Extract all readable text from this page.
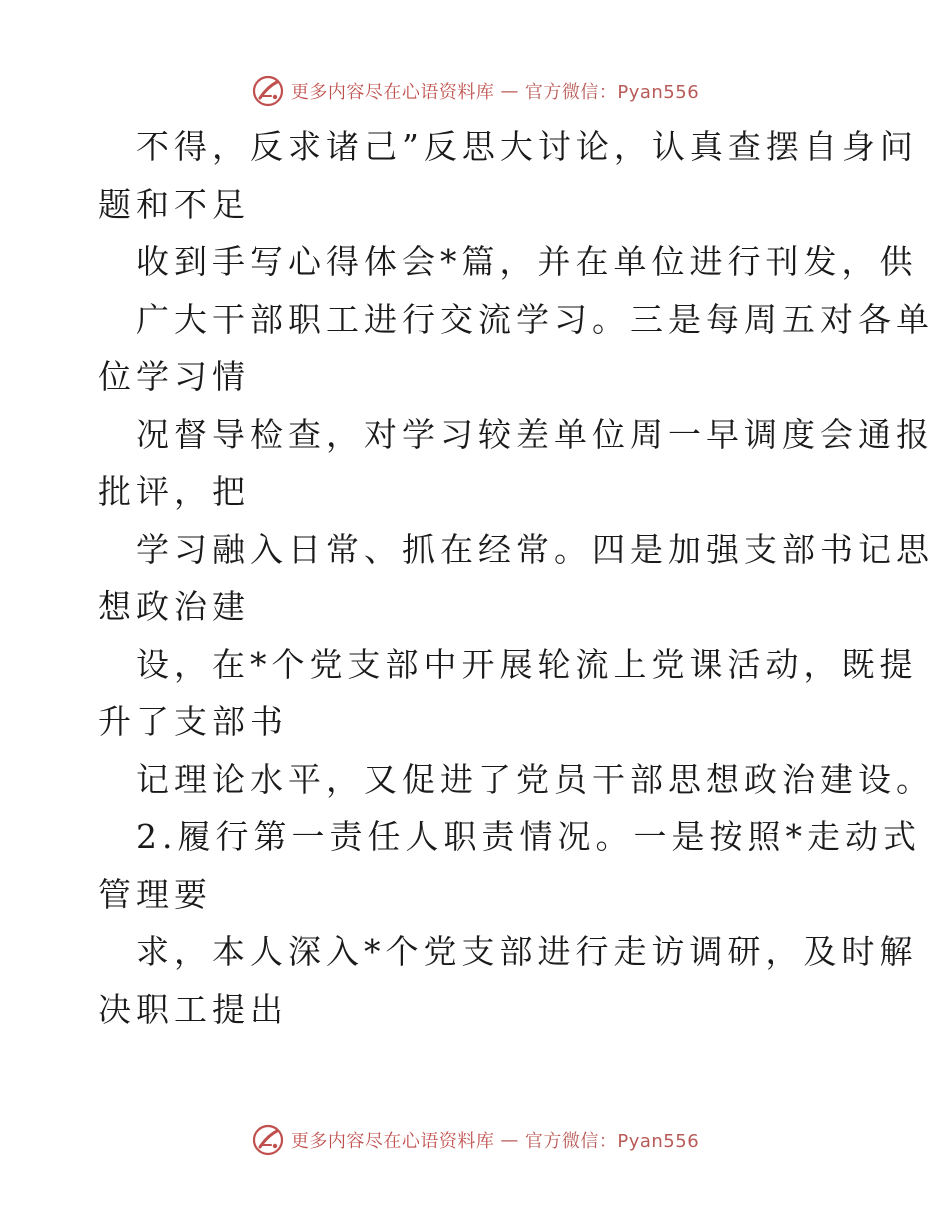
更多内容尽在心语资料库 — 官方微信：Pyan556

不得，反求诸己”反思大讨论，认真查摆自身问

题和不足

收到手写心得体会*篇，并在单位进行刊发，供

广大干部职工进行交流学习。三是每周五对各单

位学习情

况督导检查，对学习较差单位周一早调度会通报

批评，把

学习融入日常、抓在经常。四是加强支部书记思

想政治建

设，在*个党支部中开展轮流上党课活动，既提

升了支部书

记理论水平，又促进了党员干部思想政治建设。

2.履行第一责任人职责情况。一是按照*走动式

管理要

求，本人深入*个党支部进行走访调研，及时解

决职工提出

更多内容尽在心语资料库 — 官方微信：Pyan556
